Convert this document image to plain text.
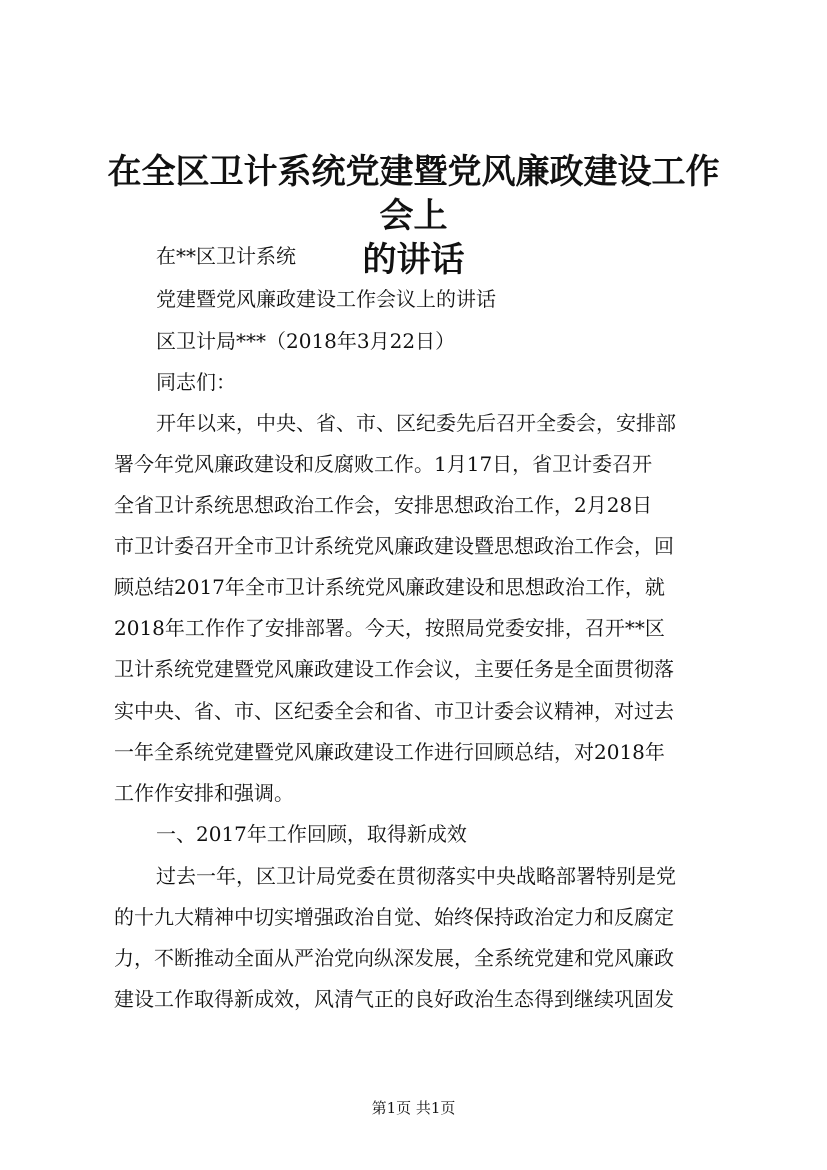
在全区卫计系统党建暨党风廉政建设工作会上
的讲话
在**区卫计系统
党建暨党风廉政建设工作会议上的讲话
区卫计局***（2018年3月22日）
同志们：
开年以来，中央、省、市、区纪委先后召开全委会，安排部
署今年党风廉政建设和反腐败工作。1月17日，省卫计委召开
全省卫计系统思想政治工作会，安排思想政治工作，2月28日
市卫计委召开全市卫计系统党风廉政建设暨思想政治工作会，回
顾总结2017年全市卫计系统党风廉政建设和思想政治工作，就
2018年工作作了安排部署。今天，按照局党委安排，召开**区
卫计系统党建暨党风廉政建设工作会议，主要任务是全面贯彻落
实中央、省、市、区纪委全会和省、市卫计委会议精神，对过去
一年全系统党建暨党风廉政建设工作进行回顾总结，对2018年
工作作安排和强调。
一、2017年工作回顾，取得新成效
过去一年，区卫计局党委在贯彻落实中央战略部署特别是党
的十九大精神中切实增强政治自觉、始终保持政治定力和反腐定
力，不断推动全面从严治党向纵深发展，全系统党建和党风廉政
建设工作取得新成效，风清气正的良好政治生态得到继续巩固发
第1页 共1页
